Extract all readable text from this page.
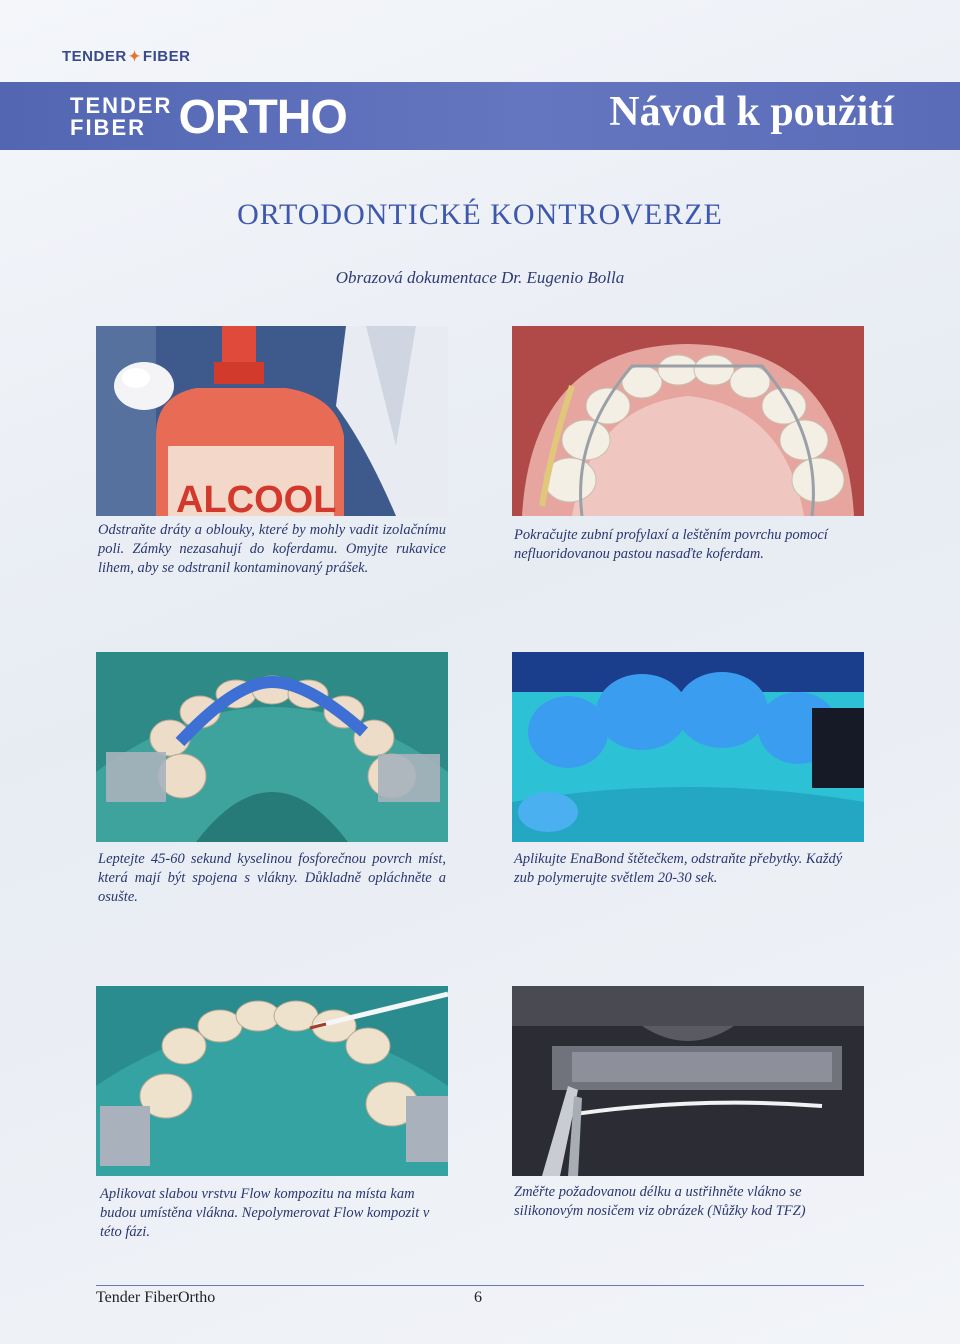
TENDER ✦ FIBER
TENDER
FIBER ORTHO	Návod k použití
ORTODONTICKÉ KONTROVERZE
Obrazová dokumentace Dr. Eugenio Bolla
ALCOOL
Odstraňte dráty a oblouky, které by mohly vadit izolačnímu poli. Zámky nezasahují do koferdamu. Omyjte rukavice lihem, aby se odstranil kontaminovaný prášek.
Pokračujte zubní profylaxí a leštěním povrchu pomocí nefluoridovanou pastou nasaďte koferdam.
Leptejte 45-60 sekund kyselinou fosforečnou povrch míst, která mají být spojena s vlákny. Důkladně opláchněte a osušte.
Aplikujte EnaBond štětečkem, odstraňte přebytky. Každý zub polymerujte světlem 20-30 sek.
Aplikovat slabou vrstvu Flow kompozitu na místa kam budou umístěna vlákna. Nepolymerovat Flow kompozit v této fázi.
Změřte požadovanou délku a ustřihněte vlákno se silikonovým nosičem viz obrázek (Nůžky kod TFZ)
Tender FiberOrtho	6
